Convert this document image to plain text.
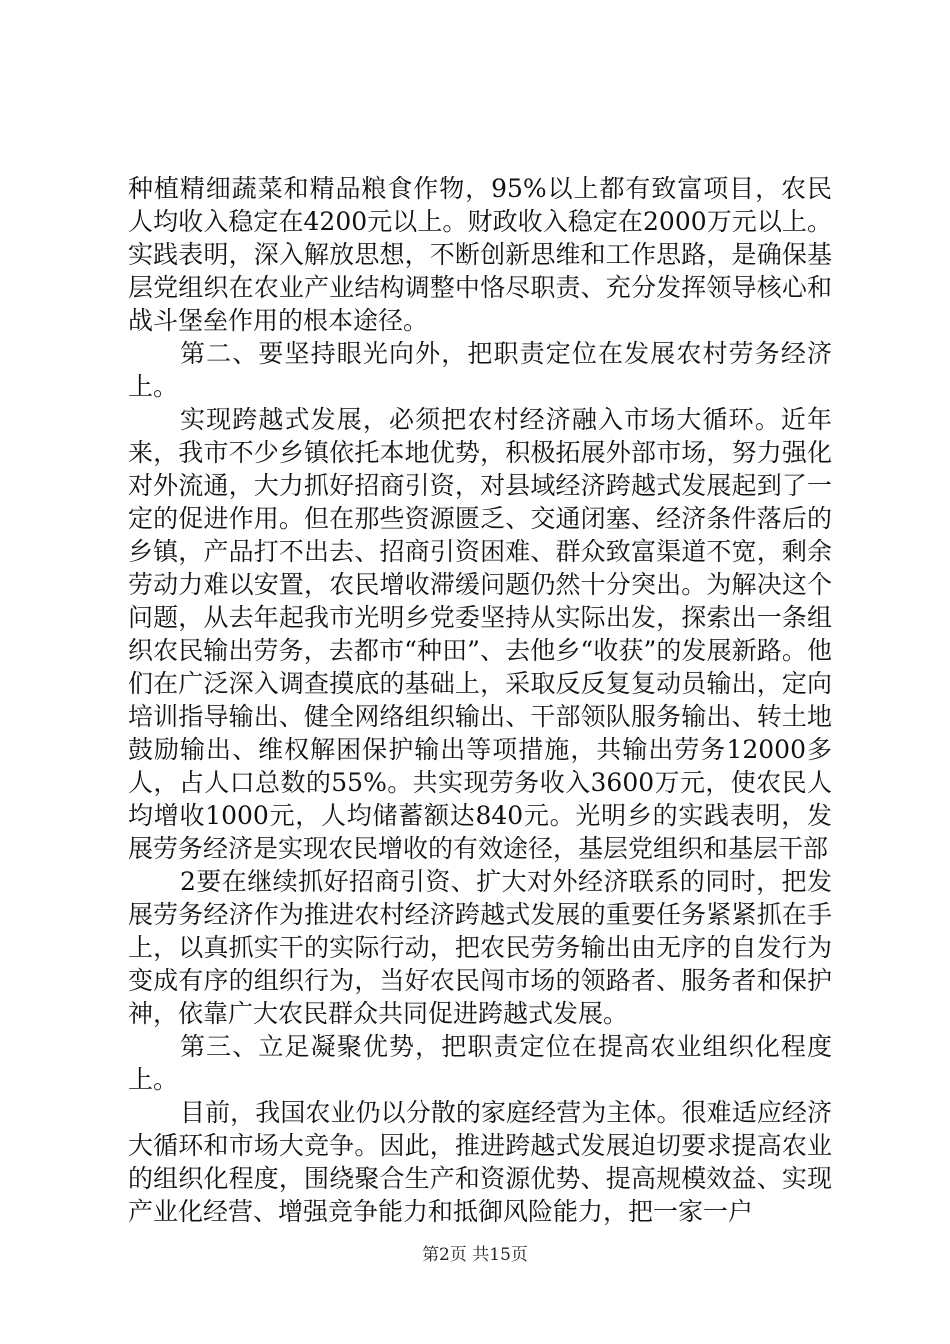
种植精细蔬菜和精品粮食作物，95%以上都有致富项目，农民人均收入稳定在4200元以上。财政收入稳定在2000万元以上。实践表明，深入解放思想，不断创新思维和工作思路，是确保基层党组织在农业产业结构调整中恪尽职责、充分发挥领导核心和战斗堡垒作用的根本途径。

第二、要坚持眼光向外，把职责定位在发展农村劳务经济上。

实现跨越式发展，必须把农村经济融入市场大循环。近年来，我市不少乡镇依托本地优势，积极拓展外部市场，努力强化对外流通，大力抓好招商引资，对县域经济跨越式发展起到了一定的促进作用。但在那些资源匮乏、交通闭塞、经济条件落后的乡镇，产品打不出去、招商引资困难、群众致富渠道不宽，剩余劳动力难以安置，农民增收滞缓问题仍然十分突出。为解决这个问题，从去年起我市光明乡党委坚持从实际出发，探索出一条组织农民输出劳务，去都市“种田”、去他乡“收获”的发展新路。他们在广泛深入调查摸底的基础上，采取反反复复动员输出，定向培训指导输出、健全网络组织输出、干部领队服务输出、转土地鼓励输出、维权解困保护输出等项措施，共输出劳务12000多人，占人口总数的55%。共实现劳务收入3600万元，使农民人均增收1000元，人均储蓄额达840元。光明乡的实践表明，发展劳务经济是实现农民增收的有效途径，基层党组织和基层干部

2要在继续抓好招商引资、扩大对外经济联系的同时，把发展劳务经济作为推进农村经济跨越式发展的重要任务紧紧抓在手上，以真抓实干的实际行动，把农民劳务输出由无序的自发行为变成有序的组织行为，当好农民闯市场的领路者、服务者和保护神，依靠广大农民群众共同促进跨越式发展。

第三、立足凝聚优势，把职责定位在提高农业组织化程度上。

目前，我国农业仍以分散的家庭经营为主体。很难适应经济大循环和市场大竞争。因此，推进跨越式发展迫切要求提高农业的组织化程度，围绕聚合生产和资源优势、提高规模效益、实现产业化经营、增强竞争能力和抵御风险能力，把一家一户

第2页 共15页
